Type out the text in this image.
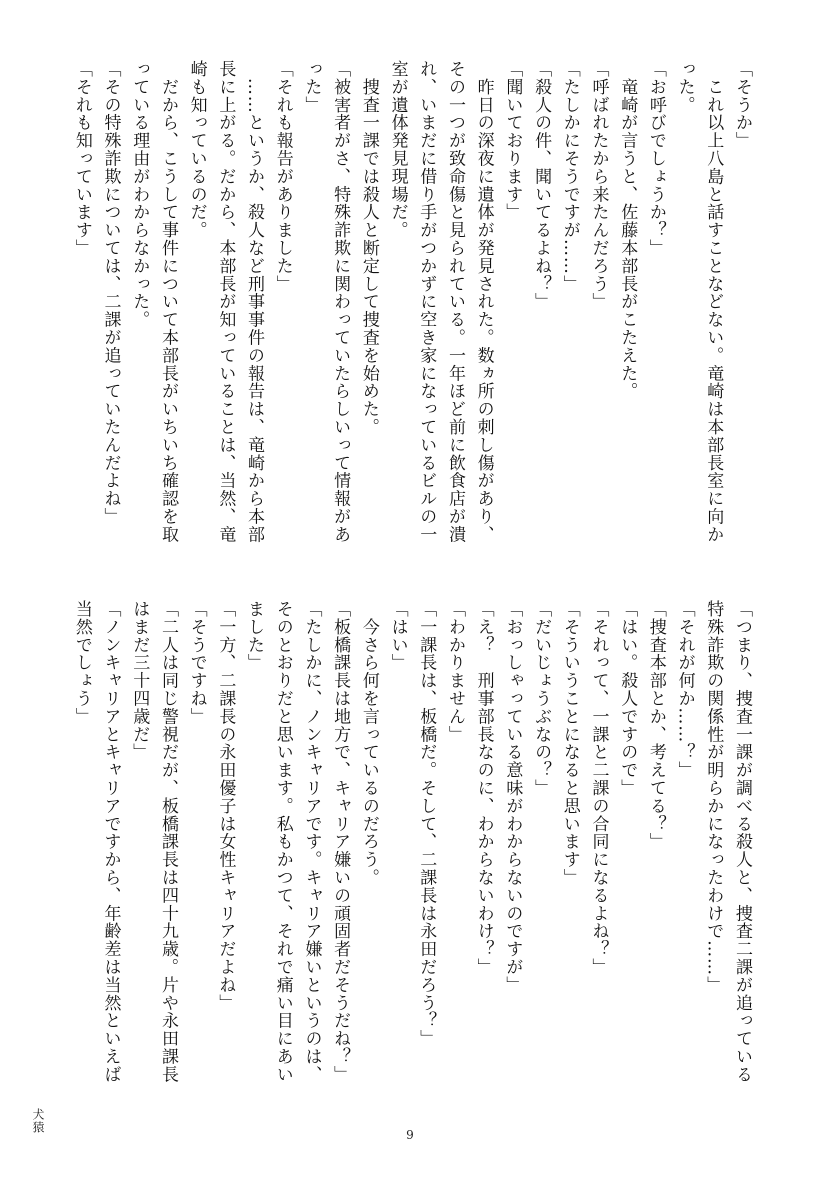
「そうか」

　これ以上八島と話すことなどない。竜崎は本部長室に向か

った。

「お呼びでしょうか？」

　竜崎が言うと、佐藤本部長がこたえた。

「呼ばれたから来たんだろう」

「たしかにそうですが……」

「殺人の件、聞いてるよね？」

「聞いております」

　昨日の深夜に遺体が発見された。数ヵ所の刺し傷があり、

その一つが致命傷と見られている。一年ほど前に飲食店が潰

れ、いまだに借り手がつかずに空き家になっているビルの一

室が遺体発見現場だ。

　捜査一課では殺人と断定して捜査を始めた。

「被害者がさ、特殊詐欺に関わっていたらしいって情報があ

った」

「それも報告がありました」

　……というか、殺人など刑事事件の報告は、竜崎から本部

長に上がる。だから、本部長が知っていることは、当然、竜

崎も知っているのだ。

　だから、こうして事件について本部長がいちいち確認を取

っている理由がわからなかった。

「その特殊詐欺については、二課が追っていたんだよね」

「それも知っています」

「つまり、捜査一課が調べる殺人と、捜査二課が追っている

特殊詐欺の関係性が明らかになったわけで……」

「それが何か……？」

「捜査本部とか、考えてる？」

「はい。殺人ですので」

「それって、一課と二課の合同になるよね？」

「そういうことになると思います」

「だいじょうぶなの？」

「おっしゃっている意味がわからないのですが」

「え？　刑事部長なのに、わからないわけ？」

「わかりません」

「一課長は、板橋だ。そして、二課長は永田だろう？」

「はい」

　今さら何を言っているのだろう。

「板橋課長は地方で、キャリア嫌いの頑固者だそうだね？」

「たしかに、ノンキャリアです。キャリア嫌いというのは、

そのとおりだと思います。私もかつて、それで痛い目にあい

ました」

「一方、二課長の永田優子は女性キャリアだよね」

「そうですね」

「二人は同じ警視だが、板橋課長は四十九歳。片や永田課長

はまだ三十四歳だ」

「ノンキャリアとキャリアですから、年齢差は当然といえば

当然でしょう」

犬猿
9
